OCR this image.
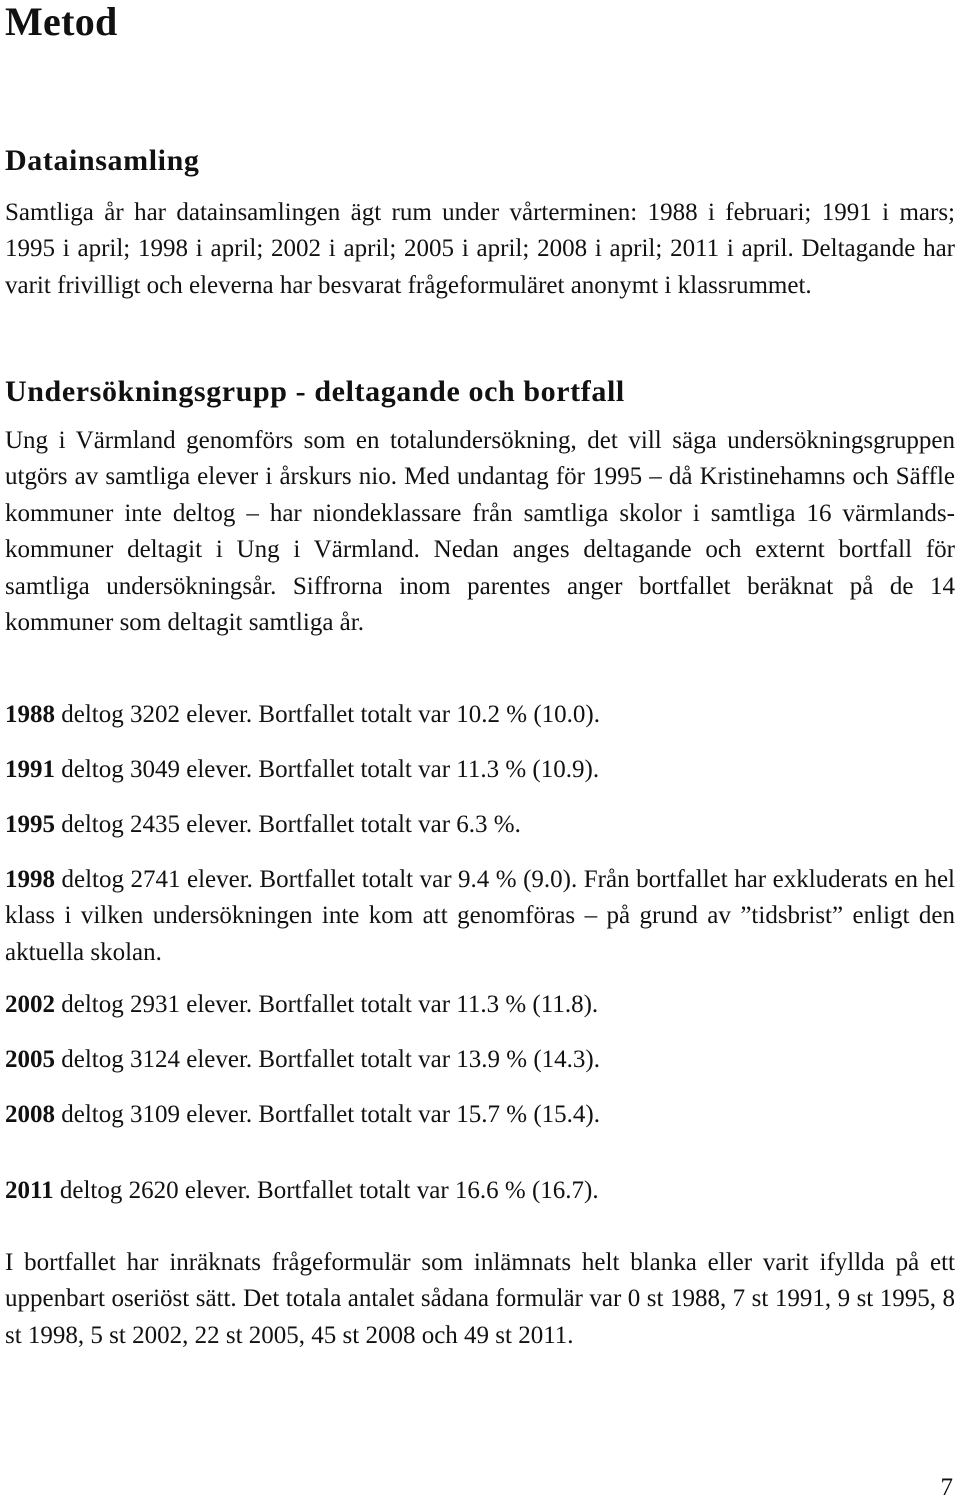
Metod
Datainsamling

Samtliga år har datainsamlingen ägt rum under vårterminen: 1988 i februari; 1991 i mars; 1995 i april; 1998 i april; 2002 i april; 2005 i april; 2008 i april; 2011 i april. Deltagande har varit frivilligt och eleverna har besvarat frågeformuläret anonymt i klassrummet.

Undersökningsgrupp - deltagande och bortfall

Ung i Värmland genomförs som en totalundersökning, det vill säga undersökningsgruppen utgörs av samtliga elever i årskurs nio. Med undantag för 1995 – då Kristinehamns och Säffle kommuner inte deltog – har niondeklassare från samtliga skolor i samtliga 16 värmlands-kommuner deltagit i Ung i Värmland. Nedan anges deltagande och externt bortfall för samtliga undersökningsår. Siffrorna inom parentes anger bortfallet beräknat på de 14 kommuner som deltagit samtliga år.

1988 deltog 3202 elever. Bortfallet totalt var 10.2 % (10.0).

1991 deltog 3049 elever. Bortfallet totalt var 11.3 % (10.9).

1995 deltog 2435 elever. Bortfallet totalt var 6.3 %.

1998 deltog 2741 elever. Bortfallet totalt var 9.4 % (9.0). Från bortfallet har exkluderats en hel klass i vilken undersökningen inte kom att genomföras – på grund av ”tidsbrist” enligt den aktuella skolan.

2002 deltog 2931 elever. Bortfallet totalt var 11.3 % (11.8).

2005 deltog 3124 elever. Bortfallet totalt var 13.9 % (14.3).

2008 deltog 3109 elever. Bortfallet totalt var 15.7 % (15.4).

2011 deltog 2620 elever. Bortfallet totalt var 16.6 % (16.7).

I bortfallet har inräknats frågeformulär som inlämnats helt blanka eller varit ifyllda på ett uppenbart oseriöst sätt. Det totala antalet sådana formulär var 0 st 1988, 7 st 1991, 9 st 1995, 8 st 1998, 5 st 2002, 22 st 2005, 45 st 2008 och 49 st 2011.

7
